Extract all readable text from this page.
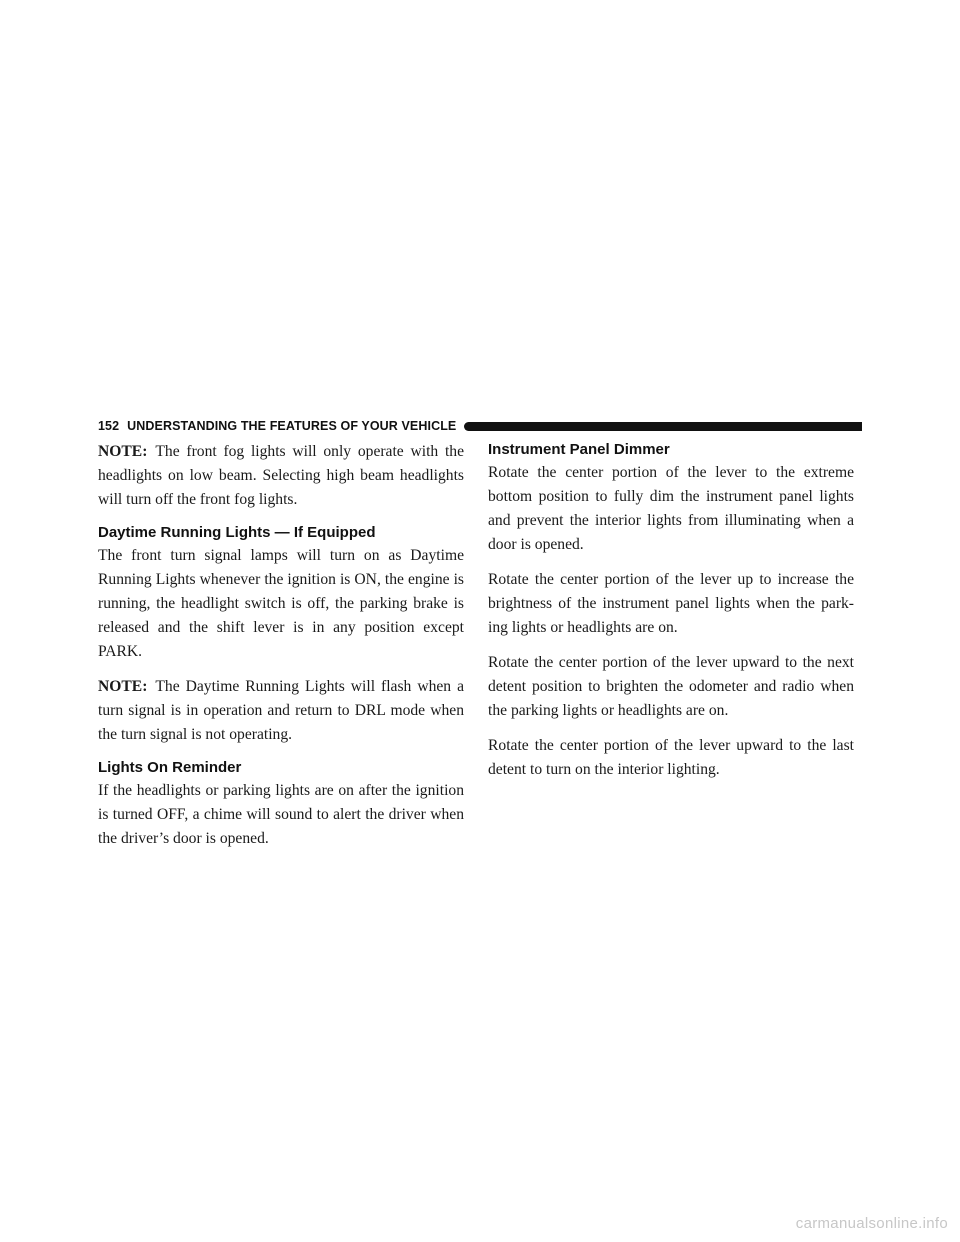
152 UNDERSTANDING THE FEATURES OF YOUR VEHICLE

NOTE: The front fog lights will only operate with the headlights on low beam. Selecting high beam headlights will turn off the front fog lights.

Daytime Running Lights — If Equipped

The front turn signal lamps will turn on as Daytime Running Lights whenever the ignition is ON, the engine is running, the headlight switch is off, the parking brake is released and the shift lever is in any position except PARK.

NOTE: The Daytime Running Lights will flash when a turn signal is in operation and return to DRL mode when the turn signal is not operating.

Lights On Reminder

If the headlights or parking lights are on after the ignition is turned OFF, a chime will sound to alert the driver when the driver’s door is opened.

Instrument Panel Dimmer

Rotate the center portion of the lever to the extreme bottom position to fully dim the instrument panel lights and prevent the interior lights from illuminating when a door is opened.

Rotate the center portion of the lever up to increase the brightness of the instrument panel lights when the park-ing lights or headlights are on.

Rotate the center portion of the lever upward to the next detent position to brighten the odometer and radio when the parking lights or headlights are on.

Rotate the center portion of the lever upward to the last detent to turn on the interior lighting.

carmanualsonline.info
